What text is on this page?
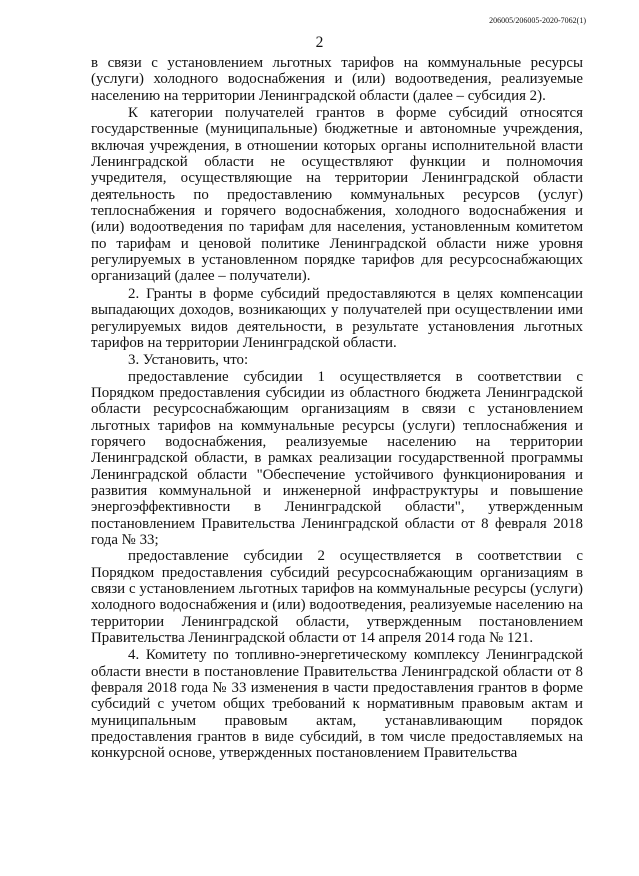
206005/206005-2020-7062(1)
2

в связи с установлением льготных тарифов на коммунальные ресурсы (услуги) холодного водоснабжения и (или) водоотведения, реализуемые населению на территории Ленинградской области (далее – субсидия 2).

К категории получателей грантов в форме субсидий относятся государственные (муниципальные) бюджетные и автономные учреждения, включая учреждения, в отношении которых органы исполнительной власти Ленинградской области не осуществляют функции и полномочия учредителя, осуществляющие на территории Ленинградской области деятельность по предоставлению коммунальных ресурсов (услуг) теплоснабжения и горячего водоснабжения, холодного водоснабжения и (или) водоотведения по тарифам для населения, установленным комитетом по тарифам и ценовой политике Ленинградской области ниже уровня регулируемых в установленном порядке тарифов для ресурсоснабжающих организаций (далее – получатели).

2. Гранты в форме субсидий предоставляются в целях компенсации выпадающих доходов, возникающих у получателей при осуществлении ими регулируемых видов деятельности, в результате установления льготных тарифов на территории Ленинградской области.

3. Установить, что:

предоставление субсидии 1 осуществляется в соответствии с Порядком предоставления субсидии из областного бюджета Ленинградской области ресурсоснабжающим организациям в связи с установлением льготных тарифов на коммунальные ресурсы (услуги) теплоснабжения и горячего водоснабжения, реализуемые населению на территории Ленинградской области, в рамках реализации государственной программы Ленинградской области "Обеспечение устойчивого функционирования и развития коммунальной и инженерной инфраструктуры и повышение энергоэффективности в Ленинградской области", утвержденным постановлением Правительства Ленинградской области от 8 февраля 2018 года № 33;

предоставление субсидии 2 осуществляется в соответствии с Порядком предоставления субсидий ресурсоснабжающим организациям в связи с установлением льготных тарифов на коммунальные ресурсы (услуги) холодного водоснабжения и (или) водоотведения, реализуемые населению на территории Ленинградской области, утвержденным постановлением Правительства Ленинградской области от 14 апреля 2014 года № 121.

4. Комитету по топливно-энергетическому комплексу Ленинградской области внести в постановление Правительства Ленинградской области от 8 февраля 2018 года № 33 изменения в части предоставления грантов в форме субсидий с учетом общих требований к нормативным правовым актам и муниципальным правовым актам, устанавливающим порядок предоставления грантов в виде субсидий, в том числе предоставляемых на конкурсной основе, утвержденных постановлением Правительства
